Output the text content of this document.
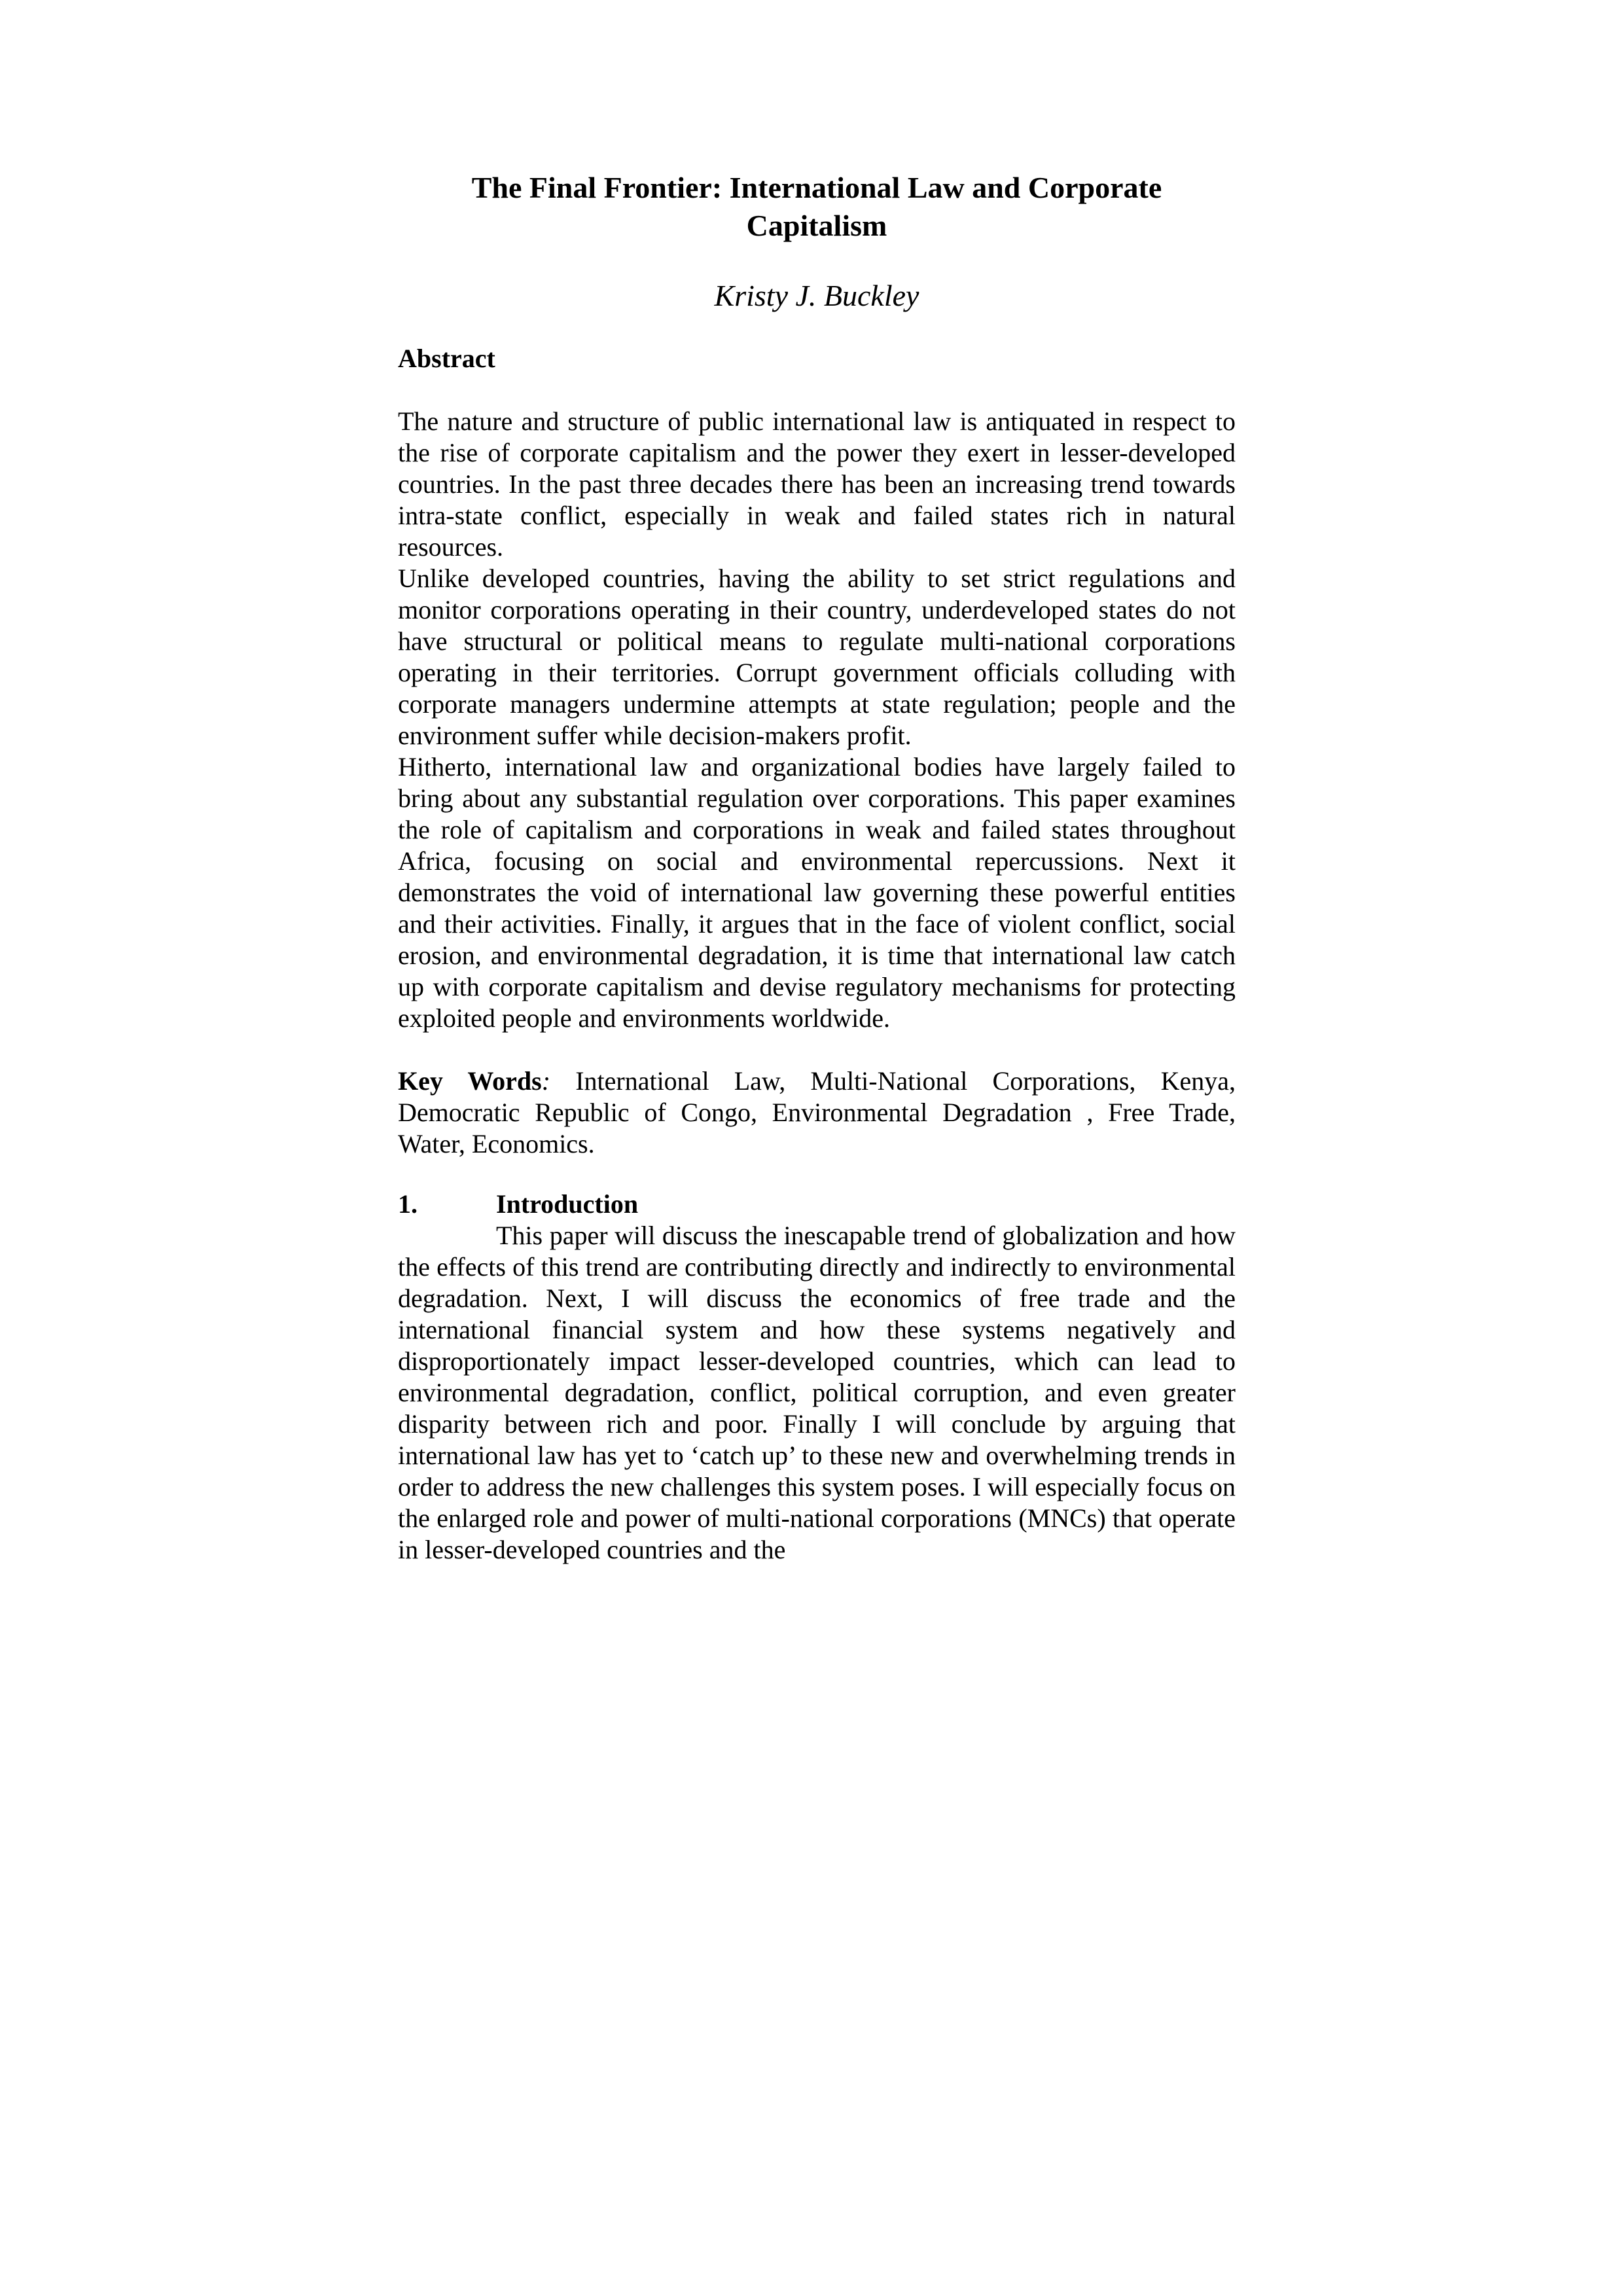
The Final Frontier: International Law and Corporate Capitalism
Kristy J. Buckley
Abstract

The nature and structure of public international law is antiquated in respect to the rise of corporate capitalism and the power they exert in lesser-developed countries. In the past three decades there has been an increasing trend towards intra-state conflict, especially in weak and failed states rich in natural resources.

Unlike developed countries, having the ability to set strict regulations and monitor corporations operating in their country, underdeveloped states do not have structural or political means to regulate multi-national corporations operating in their territories. Corrupt government officials colluding with corporate managers undermine attempts at state regulation; people and the environment suffer while decision-makers profit.

Hitherto, international law and organizational bodies have largely failed to bring about any substantial regulation over corporations. This paper examines the role of capitalism and corporations in weak and failed states throughout Africa, focusing on social and environmental repercussions. Next it demonstrates the void of international law governing these powerful entities and their activities. Finally, it argues that in the face of violent conflict, social erosion, and environmental degradation, it is time that international law catch up with corporate capitalism and devise regulatory mechanisms for protecting exploited people and environments worldwide.

Key Words: International Law, Multi-National Corporations, Kenya, Democratic Republic of Congo, Environmental Degradation , Free Trade, Water, Economics.

1.	Introduction

This paper will discuss the inescapable trend of globalization and how the effects of this trend are contributing directly and indirectly to environmental degradation. Next, I will discuss the economics of free trade and the international financial system and how these systems negatively and disproportionately impact lesser-developed countries, which can lead to environmental degradation, conflict, political corruption, and even greater disparity between rich and poor. Finally I will conclude by arguing that international law has yet to ‘catch up’ to these new and overwhelming trends in order to address the new challenges this system poses. I will especially focus on the enlarged role and power of multi-national corporations (MNCs) that operate in lesser-developed countries and the
